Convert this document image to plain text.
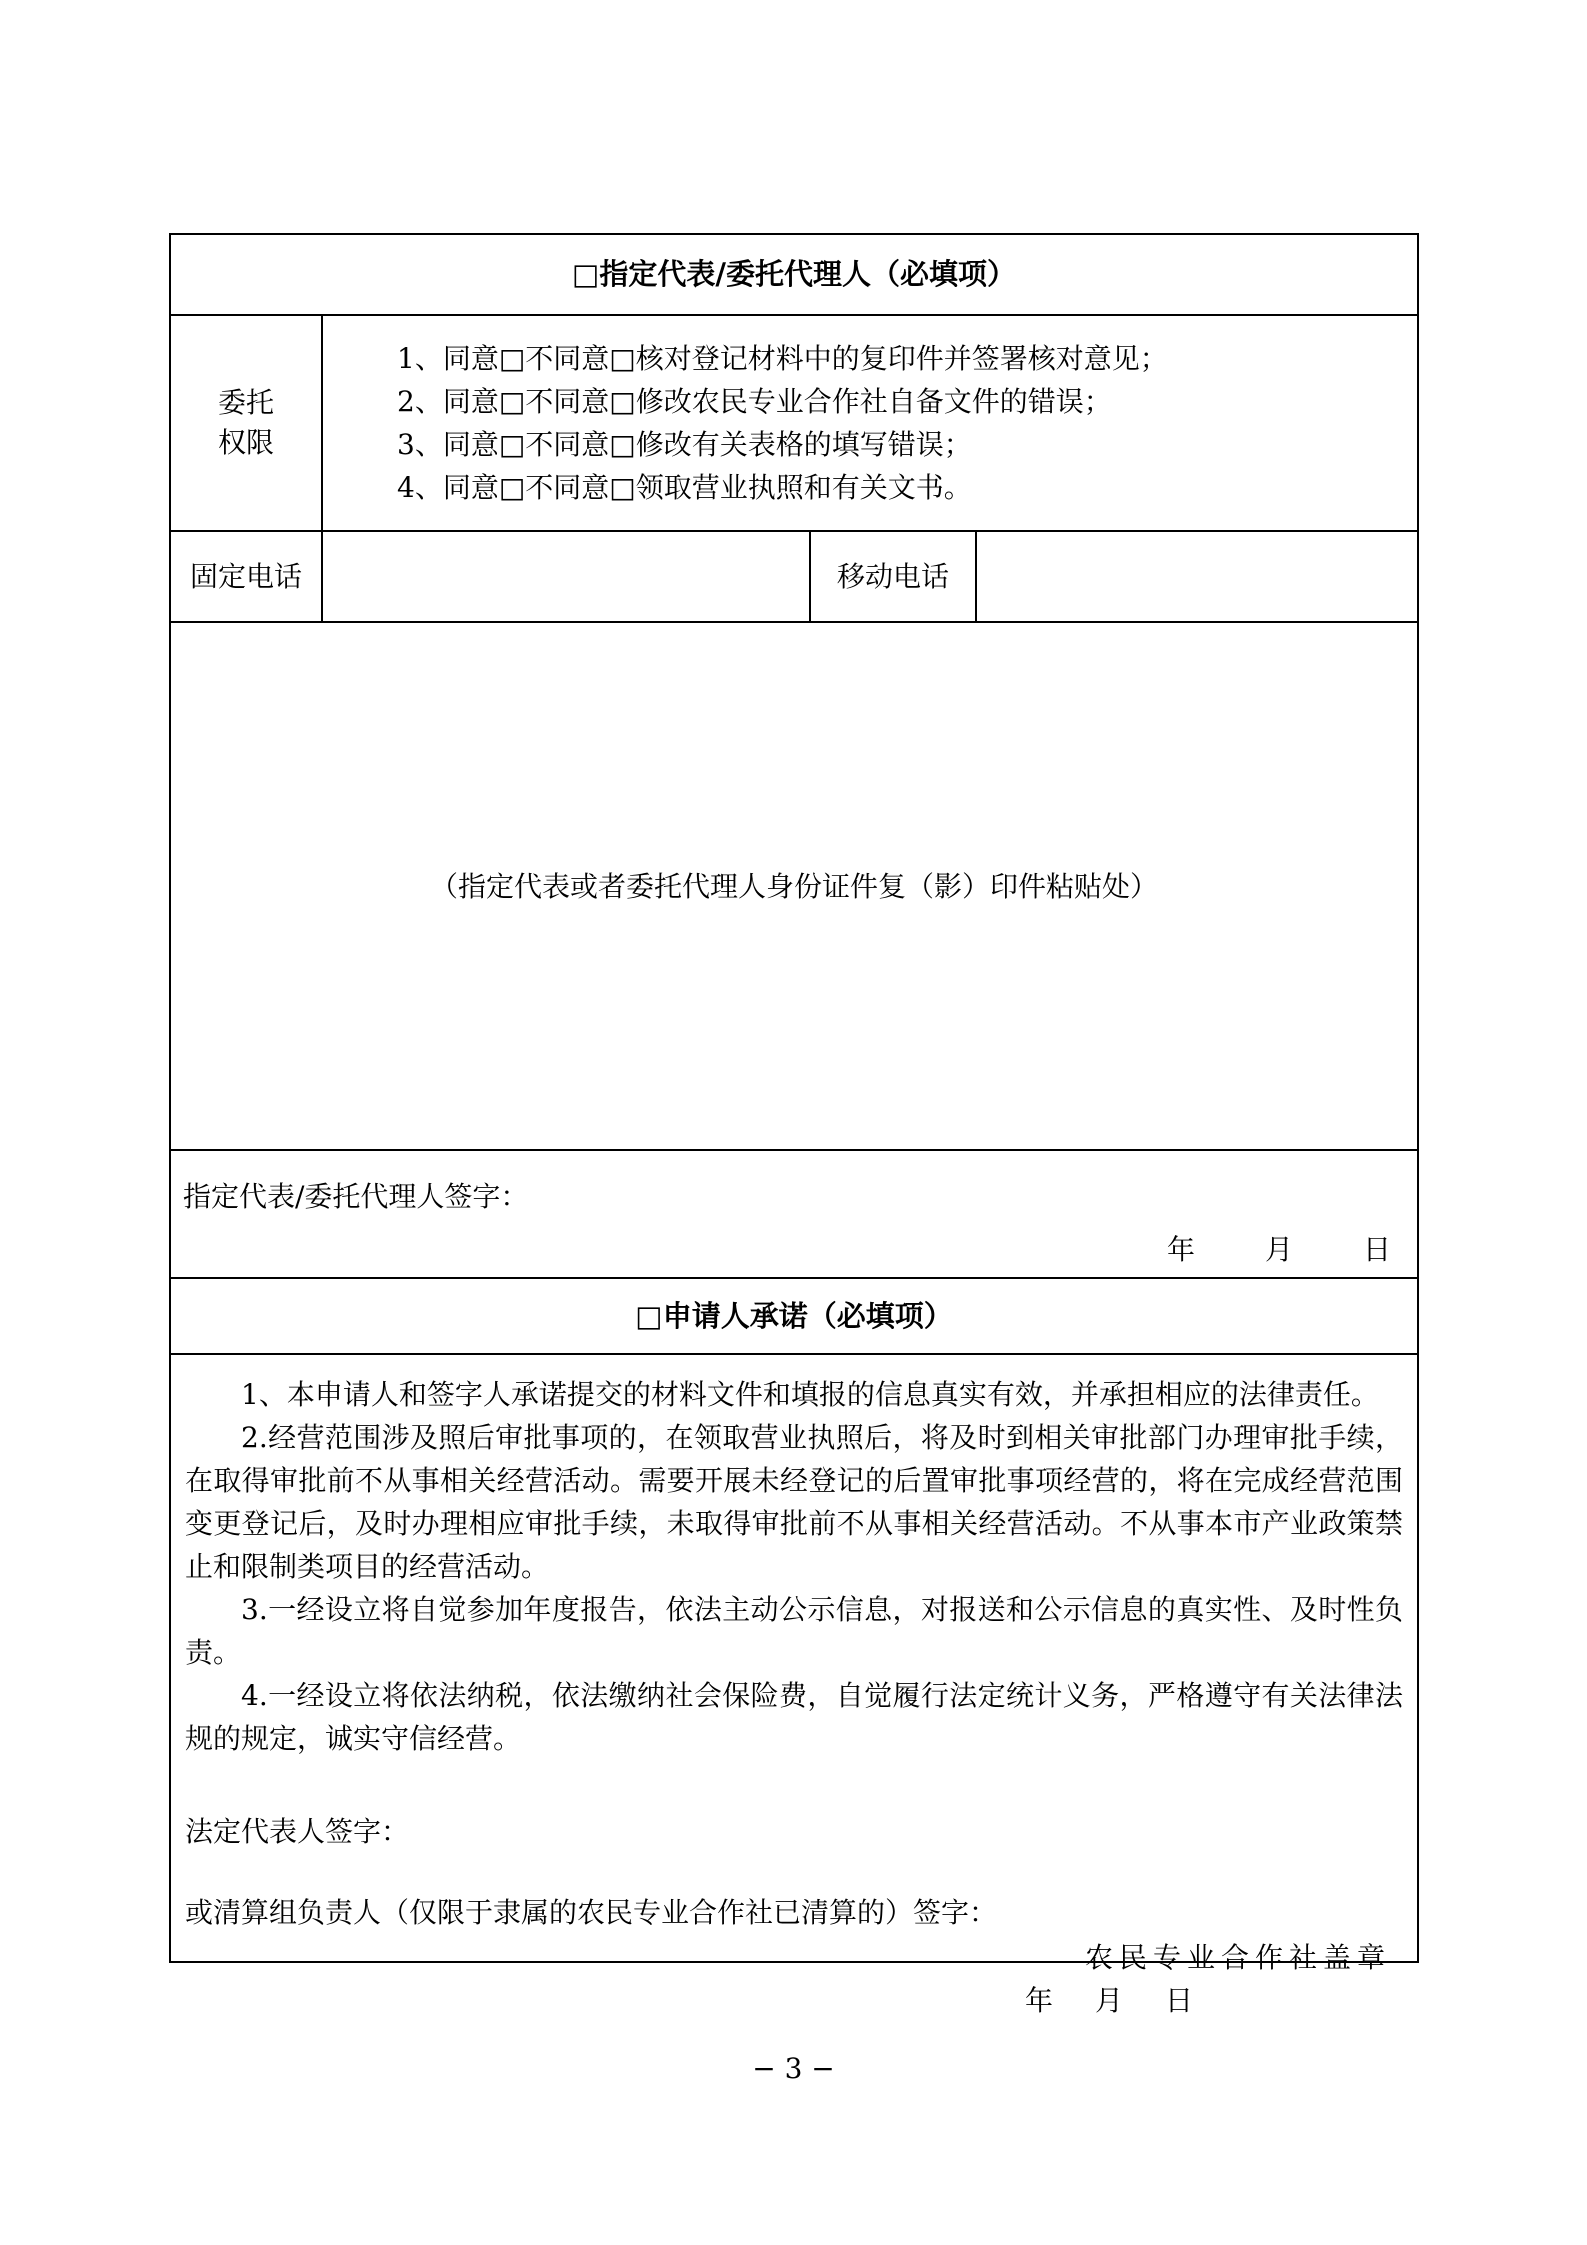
□指定代表/委托代理人（必填项）
委托
权限
1、同意□不同意□核对登记材料中的复印件并签署核对意见；
2、同意□不同意□修改农民专业合作社自备文件的错误；
3、同意□不同意□修改有关表格的填写错误；
4、同意□不同意□领取营业执照和有关文书。
固定电话	移动电话
（指定代表或者委托代理人身份证件复（影）印件粘贴处）
指定代表/委托代理人签字：
年	月	日
□申请人承诺（必填项）

1、本申请人和签字人承诺提交的材料文件和填报的信息真实有效，并承担相应的法律责任。

2.经营范围涉及照后审批事项的，在领取营业执照后，将及时到相关审批部门办理审批手续，在取得审批前不从事相关经营活动。需要开展未经登记的后置审批事项经营的，将在完成经营范围变更登记后，及时办理相应审批手续，未取得审批前不从事相关经营活动。不从事本市产业政策禁止和限制类项目的经营活动。

3.一经设立将自觉参加年度报告，依法主动公示信息，对报送和公示信息的真实性、及时性负责。

4.一经设立将依法纳税，依法缴纳社会保险费，自觉履行法定统计义务，严格遵守有关法律法规的规定，诚实守信经营。

法定代表人签字：
或清算组负责人（仅限于隶属的农民专业合作社已清算的）签字：
农民专业合作社盖章
年 月 日
− 3 −
